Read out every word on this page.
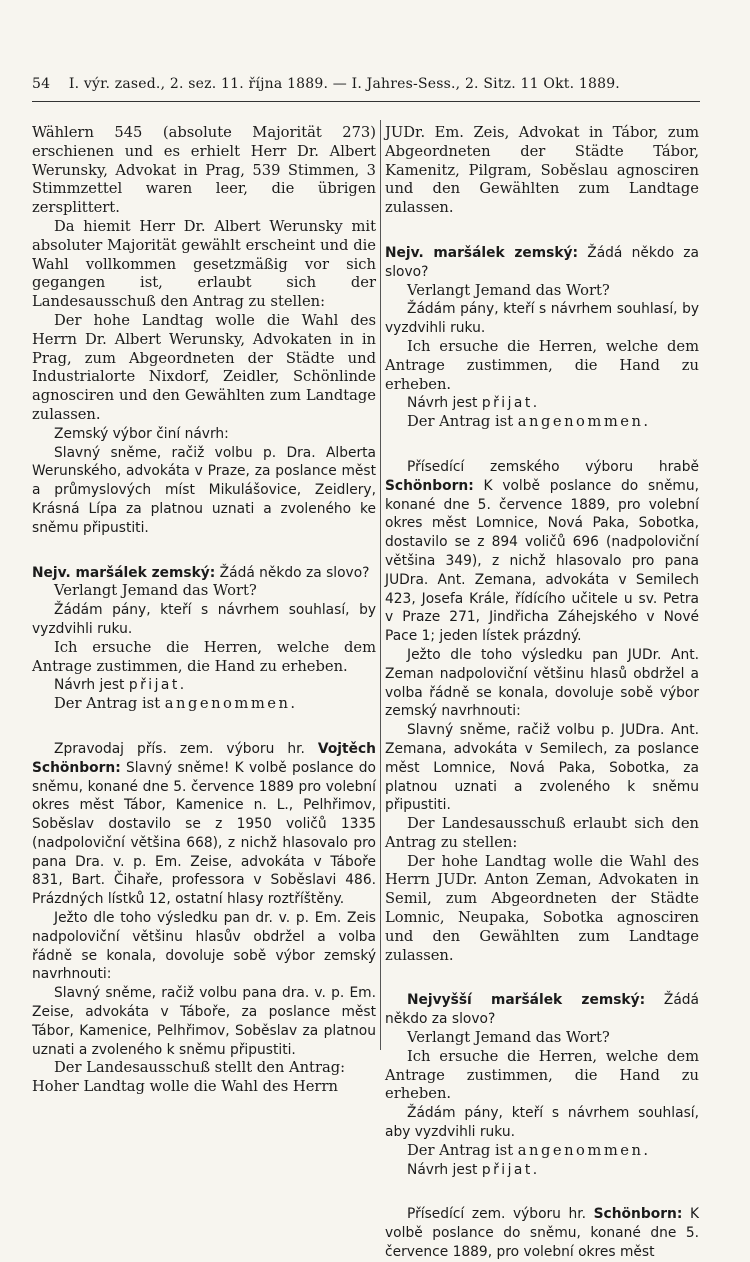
54 I. výr. zased., 2. sez. 11. října 1889. — I. Jahres-Sess., 2. Sitz. 11 Okt. 1889.

Wählern 545 (absolute Majorität 273) erschienen und es erhielt Herr Dr. Albert Werunsky, Advokat in Prag, 539 Stimmen, 3 Stimmzettel waren leer, die übrigen zersplittert.

Da hiemit Herr Dr. Albert Werunsky mit absoluter Majorität gewählt erscheint und die Wahl vollkommen gesetzmäßig vor sich gegangen ist, erlaubt sich der Landesausschuß den Antrag zu stellen:

Der hohe Landtag wolle die Wahl des Herrn Dr. Albert Werunsky, Advokaten in in Prag, zum Abgeordneten der Städte und Industrialorte Nixdorf, Zeidler, Schönlinde agnosciren und den Gewählten zum Landtage zulassen.

Zemský výbor činí návrh:

Slavný sněme, račiž volbu p. Dra. Alberta Werunského, advokáta v Praze, za poslance měst a průmyslových míst Mikulášovice, Zeidlery, Krásná Lípa za platnou uznati a zvoleného ke sněmu připustiti.

Nejv. maršálek zemský: Žádá někdo za slovo?

Verlangt Jemand das Wort?

Žádám pány, kteří s návrhem souhlasí, by vyzdvihli ruku.

Ich ersuche die Herren, welche dem Antrage zustimmen, die Hand zu erheben.

Návrh jest přijat.

Der Antrag ist angenommen.

Zpravodaj přís. zem. výboru hr. Vojtěch Schönborn: Slavný sněme! K volbě poslance do sněmu, konané dne 5. července 1889 pro volební okres měst Tábor, Kamenice n. L., Pelhřimov, Soběslav dostavilo se z 1950 voličů 1335 (nadpoloviční většina 668), z nichž hlasovalo pro pana Dra. v. p. Em. Zeise, advokáta v Táboře 831, Bart. Čihaře, professora v Soběslavi 486. Prázdných lístků 12, ostatní hlasy roztříštěny.

Ježto dle toho výsledku pan dr. v. p. Em. Zeis nadpoloviční většinu hlasův obdržel a volba řádně se konala, dovoluje sobě výbor zemský navrhnouti:

Slavný sněme, račiž volbu pana dra. v. p. Em. Zeise, advokáta v Táboře, za poslance měst Tábor, Kamenice, Pelhřimov, Soběslav za platnou uznati a zvoleného k sněmu připustiti.

Der Landesausschuß stellt den Antrag:

Hoher Landtag wolle die Wahl des Herrn

JUDr. Em. Zeis, Advokat in Tábor, zum Abgeordneten der Städte Tábor, Kamenitz, Pilgram, Soběslau agnosciren und den Gewählten zum Landtage zulassen.

Nejv. maršálek zemský: Žádá někdo za slovo?

Verlangt Jemand das Wort?

Žádám pány, kteří s návrhem souhlasí, by vyzdvihli ruku.

Ich ersuche die Herren, welche dem Antrage zustimmen, die Hand zu erheben.

Návrh jest přijat.

Der Antrag ist angenommen.

Přísedící zemského výboru hrabě Schönborn: K volbě poslance do sněmu, konané dne 5. července 1889, pro volební okres měst Lomnice, Nová Paka, Sobotka, dostavilo se z 894 voličů 696 (nadpoloviční většina 349), z nichž hlasovalo pro pana JUDra. Ant. Zemana, advokáta v Semilech 423, Josefa Krále, řídícího učitele u sv. Petra v Praze 271, Jindřicha Záhejského v Nové Pace 1; jeden lístek prázdný.

Ježto dle toho výsledku pan JUDr. Ant. Zeman nadpoloviční většinu hlasů obdržel a volba řádně se konala, dovoluje sobě výbor zemský navrhnouti:

Slavný sněme, račiž volbu p. JUDra. Ant. Zemana, advokáta v Semilech, za poslance měst Lomnice, Nová Paka, Sobotka, za platnou uznati a zvoleného k sněmu připustiti.

Der Landesausschuß erlaubt sich den Antrag zu stellen:

Der hohe Landtag wolle die Wahl des Herrn JUDr. Anton Zeman, Advokaten in Semil, zum Abgeordneten der Städte Lomnic, Neupaka, Sobotka agnosciren und den Gewählten zum Landtage zulassen.

Nejvyšší maršálek zemský: Žádá někdo za slovo?

Verlangt Jemand das Wort?

Ich ersuche die Herren, welche dem Antrage zustimmen, die Hand zu erheben.

Žádám pány, kteří s návrhem souhlasí, aby vyzdvihli ruku.

Der Antrag ist angenommen.

Návrh jest přijat.

Přísedící zem. výboru hr. Schönborn: K volbě poslance do sněmu, konané dne 5. července 1889, pro volební okres měst
